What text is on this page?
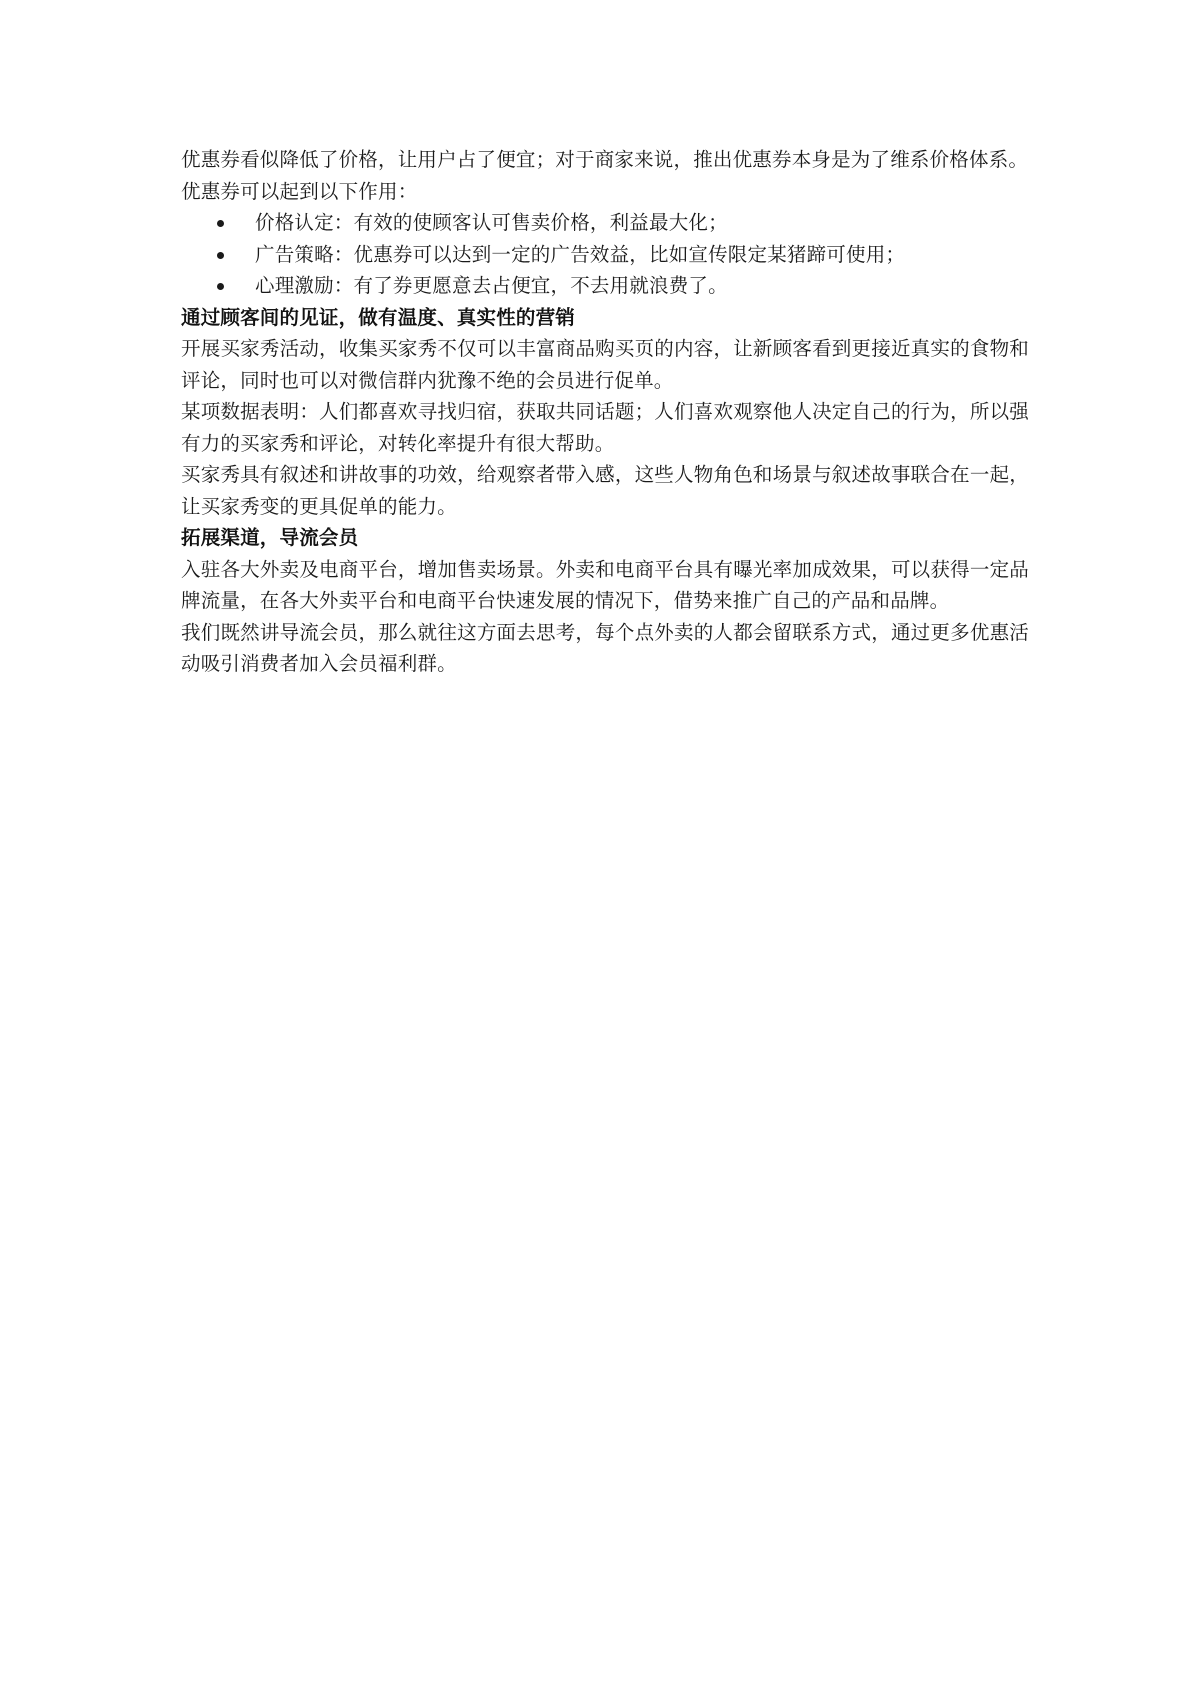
优惠券看似降低了价格，让用户占了便宜；对于商家来说，推出优惠券本身是为了维系价格体系。

优惠券可以起到以下作用：

价格认定：有效的使顾客认可售卖价格，利益最大化；
广告策略：优惠券可以达到一定的广告效益，比如宣传限定某猪蹄可使用；
心理激励：有了券更愿意去占便宜，不去用就浪费了。

通过顾客间的见证，做有温度、真实性的营销

开展买家秀活动，收集买家秀不仅可以丰富商品购买页的内容，让新顾客看到更接近真实的食物和评论，同时也可以对微信群内犹豫不绝的会员进行促单。

某项数据表明：人们都喜欢寻找归宿，获取共同话题；人们喜欢观察他人决定自己的行为，所以强有力的买家秀和评论，对转化率提升有很大帮助。

买家秀具有叙述和讲故事的功效，给观察者带入感，这些人物角色和场景与叙述故事联合在一起，让买家秀变的更具促单的能力。

拓展渠道，导流会员

入驻各大外卖及电商平台，增加售卖场景。外卖和电商平台具有曝光率加成效果，可以获得一定品牌流量，在各大外卖平台和电商平台快速发展的情况下，借势来推广自己的产品和品牌。

我们既然讲导流会员，那么就往这方面去思考，每个点外卖的人都会留联系方式，通过更多优惠活动吸引消费者加入会员福利群。
